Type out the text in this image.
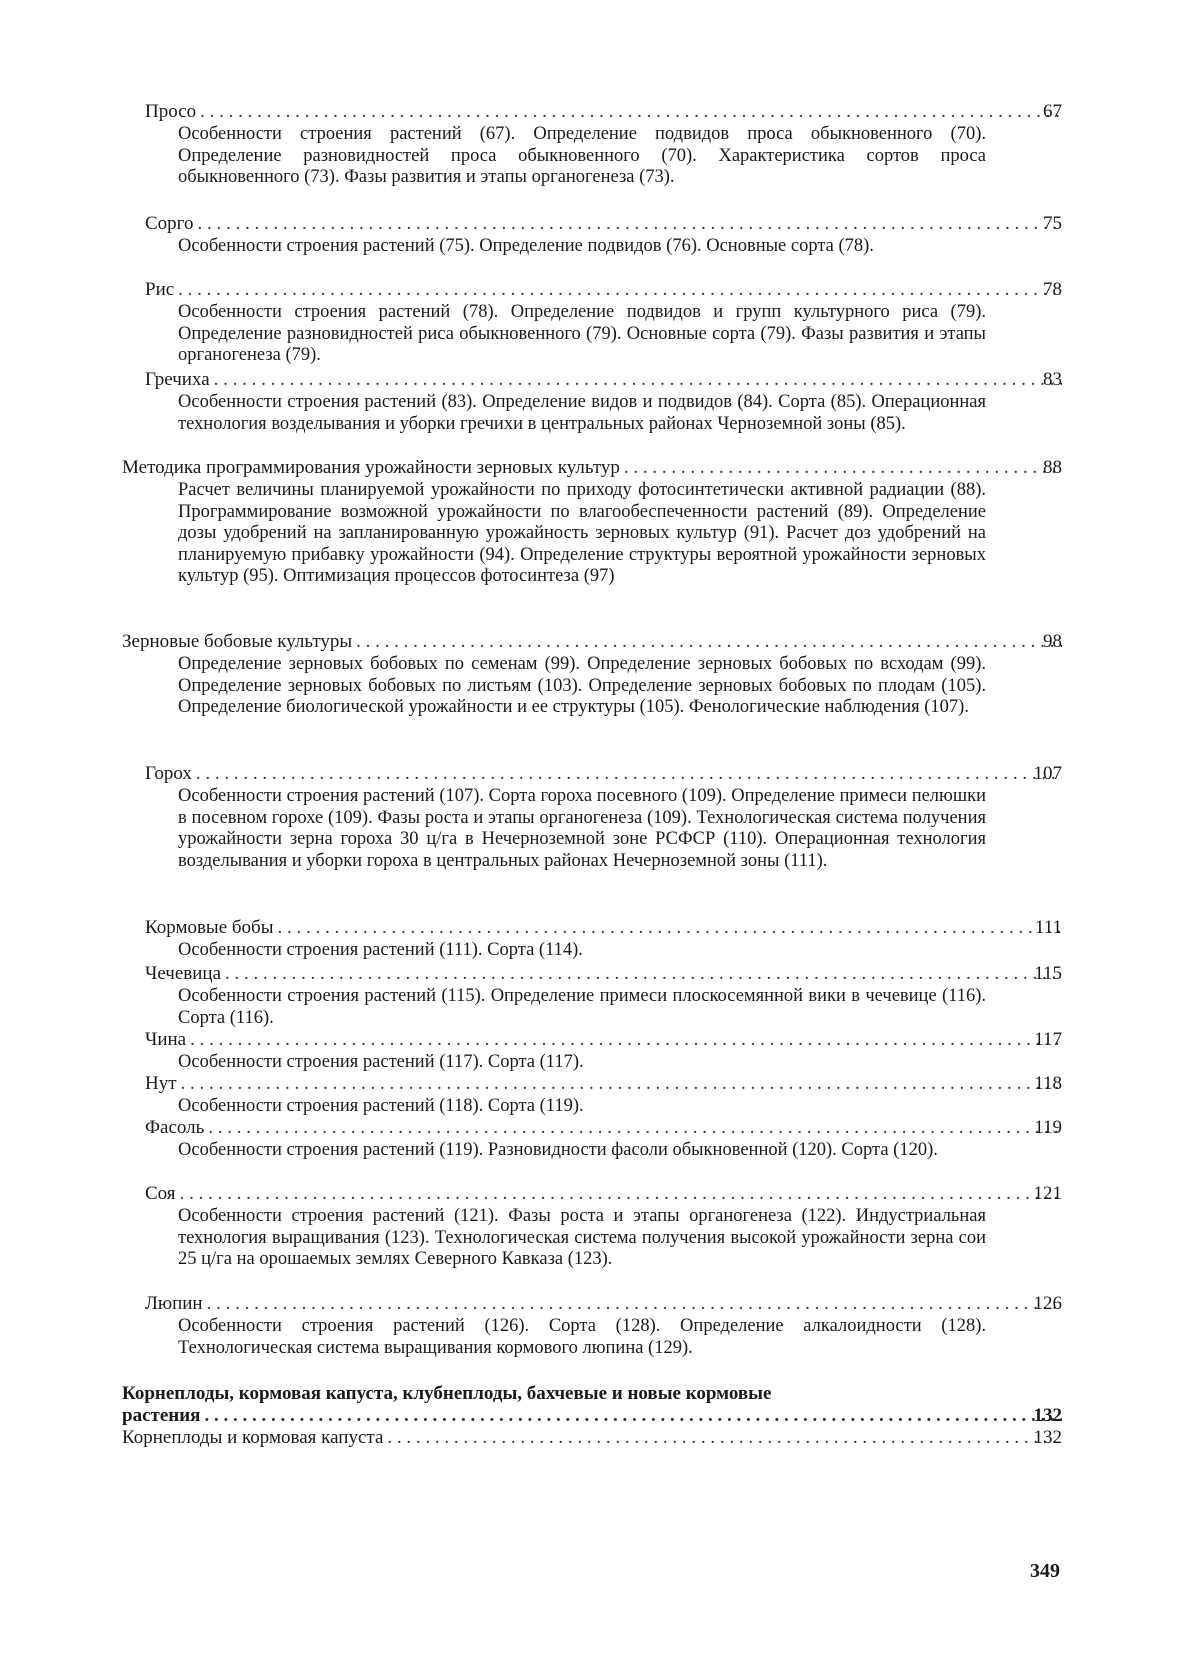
Просо . . .	67
Особенности строения растений (67). Определение подвидов проса обыкновенного (70). Определение разновидностей проса обыкновенного (70). Характеристика сортов проса обыкновенного (73). Фазы развития и этапы органогенеза (73).
Сорго . . .	75
Особенности строения растений (75). Определение подвидов (76). Основные сорта (78).
Рис . . .	78
Особенности строения растений (78). Определение подвидов и групп культурного риса (79). Определение разновидностей риса обыкновенного (79). Основные сорта (79). Фазы развития и этапы органогенеза (79).
Гречиха . . .	83
Особенности строения растений (83). Определение видов и подвидов (84). Сорта (85). Операционная технология возделывания и уборки гречихи в центральных районах Черноземной зоны (85).
Методика программирования урожайности зерновых культур . . .	88
Расчет величины планируемой урожайности по приходу фотосинтетически активной радиации (88). Программирование возможной урожайности по влагообеспеченности растений (89). Определение дозы удобрений на запланированную урожайность зерновых культур (91). Расчет доз удобрений на планируемую прибавку урожайности (94). Определение структуры вероятной урожайности зерновых культур (95). Оптимизация процессов фотосинтеза (97)
Зерновые бобовые культуры . . .	98
Определение зерновых бобовых по семенам (99). Определение зерновых бобовых по всходам (99). Определение зерновых бобовых по листьям (103). Определение зерновых бобовых по плодам (105). Определение биологической урожайности и ее структуры (105). Фенологические наблюдения (107).
Горох . . .	107
Особенности строения растений (107). Сорта гороха посевного (109). Определение примеси пелюшки в посевном горохе (109). Фазы роста и этапы органогенеза (109). Технологическая система получения урожайности зерна гороха 30 ц/га в Нечерноземной зоне РСФСР (110). Операционная технология возделывания и уборки гороха в центральных районах Нечерноземной зоны (111).
Кормовые бобы . . .	111
Особенности строения растений (111). Сорта (114).
Чечевица . . .	115
Особенности строения растений (115). Определение примеси плоскосемянной вики в чечевице (116). Сорта (116).
Чина . . .	117
Особенности строения растений (117). Сорта (117).
Нут . . .	118
Особенности строения растений (118). Сорта (119).
Фасоль . . .	119
Особенности строения растений (119). Разновидности фасоли обыкновенной (120). Сорта (120).
Соя . . .	121
Особенности строения растений (121). Фазы роста и этапы органогенеза (122). Индустриальная технология выращивания (123). Технологическая система получения высокой урожайности зерна сои 25 ц/га на орошаемых землях Северного Кавказа (123).
Люпин . . .	126
Особенности строения растений (126). Сорта (128). Определение алкалоидности (128). Технологическая система выращивания кормового люпина (129).
Корнеплоды, кормовая капуста, клубнеплоды, бахчевые и новые кормовые
растения . . .	132
Корнеплоды и кормовая капуста . . .	132
349
